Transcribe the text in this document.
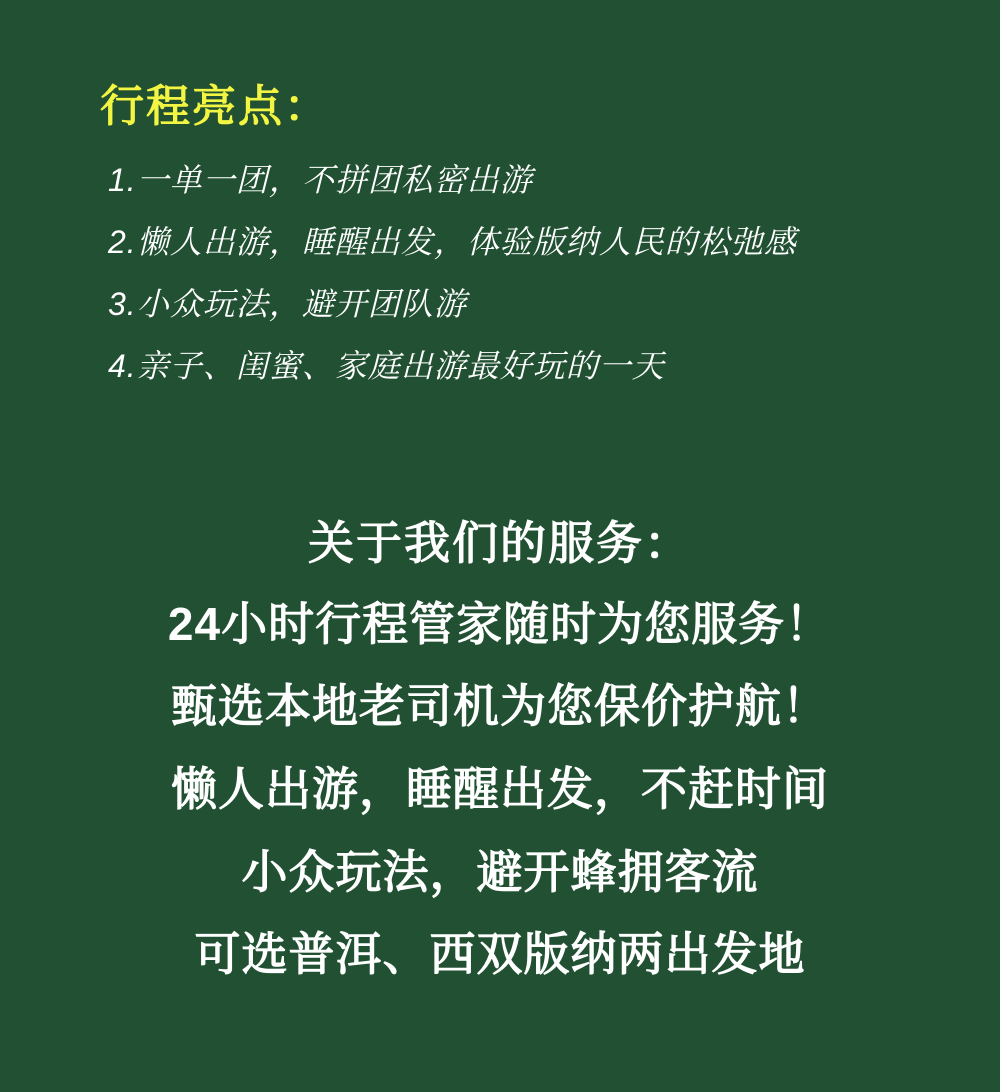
行程亮点：
1.一单一团，不拼团私密出游
2.懒人出游，睡醒出发，体验版纳人民的松弛感
3.小众玩法，避开团队游
4.亲子、闺蜜、家庭出游最好玩的一天
关于我们的服务：
24小时行程管家随时为您服务！
甄选本地老司机为您保价护航！
懒人出游，睡醒出发，不赶时间
小众玩法，避开蜂拥客流
可选普洱、西双版纳两出发地
